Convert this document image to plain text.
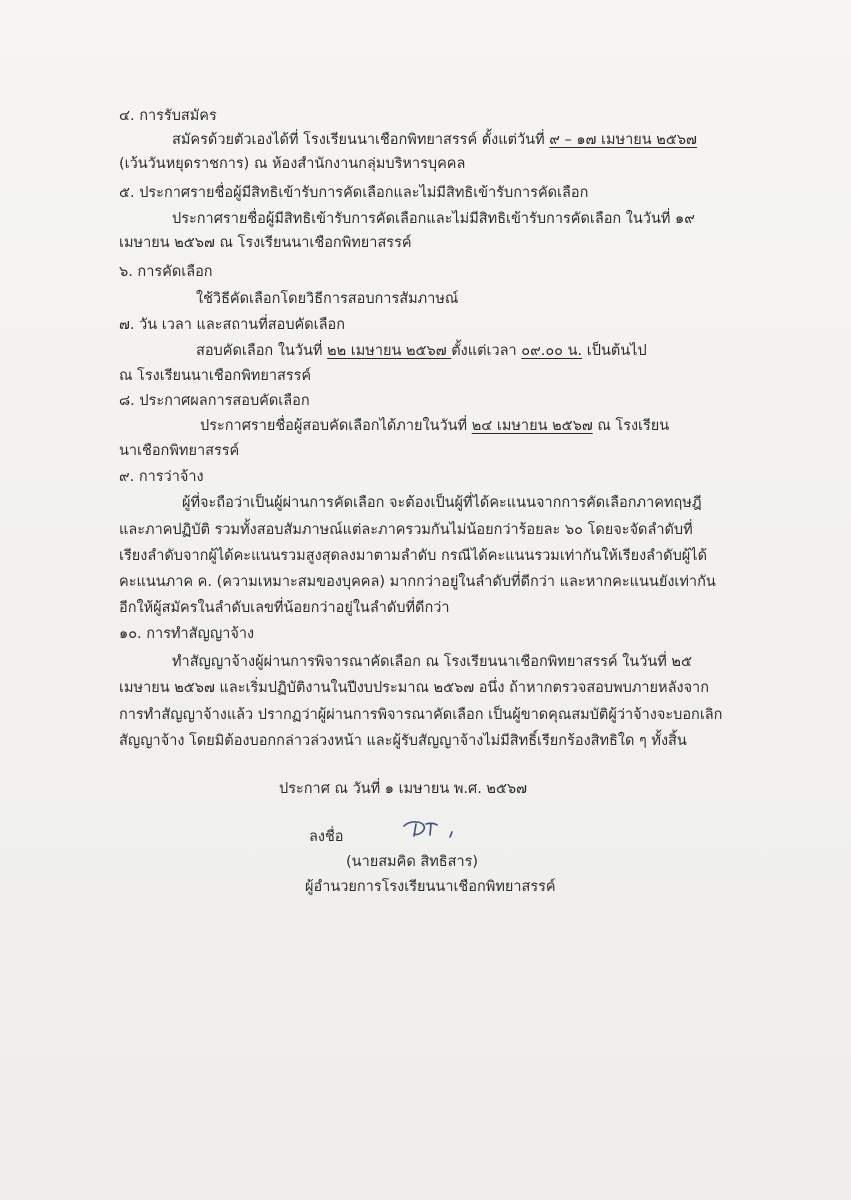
๔. การรับสมัคร
สมัครด้วยตัวเองได้ที่ โรงเรียนนาเชือกพิทยาสรรค์ ตั้งแต่วันที่ ๙ – ๑๗ เมษายน ๒๕๖๗
(เว้นวันหยุดราชการ) ณ ห้องสำนักงานกลุ่มบริหารบุคคล
๕. ประกาศรายชื่อผู้มีสิทธิเข้ารับการคัดเลือกและไม่มีสิทธิเข้ารับการคัดเลือก
ประกาศรายชื่อผู้มีสิทธิเข้ารับการคัดเลือกและไม่มีสิทธิเข้ารับการคัดเลือก ในวันที่ ๑๙
เมษายน ๒๕๖๗ ณ โรงเรียนนาเชือกพิทยาสรรค์
๖. การคัดเลือก
ใช้วิธีคัดเลือกโดยวิธีการสอบการสัมภาษณ์
๗. วัน เวลา และสถานที่สอบคัดเลือก
สอบคัดเลือก ในวันที่ ๒๒ เมษายน ๒๕๖๗ ตั้งแต่เวลา ๐๙.๐๐ น. เป็นต้นไป
ณ โรงเรียนนาเชือกพิทยาสรรค์
๘. ประกาศผลการสอบคัดเลือก
ประกาศรายชื่อผู้สอบคัดเลือกได้ภายในวันที่ ๒๔ เมษายน ๒๕๖๗ ณ โรงเรียน
นาเชือกพิทยาสรรค์
๙. การว่าจ้าง
ผู้ที่จะถือว่าเป็นผู้ผ่านการคัดเลือก จะต้องเป็นผู้ที่ได้คะแนนจากการคัดเลือกภาคทฤษฎี
และภาคปฏิบัติ รวมทั้งสอบสัมภาษณ์แต่ละภาครวมกันไม่น้อยกว่าร้อยละ ๖๐ โดยจะจัดลำดับที่
เรียงลำดับจากผู้ได้คะแนนรวมสูงสุดลงมาตามลำดับ กรณีได้คะแนนรวมเท่ากันให้เรียงลำดับผู้ได้
คะแนนภาค ค. (ความเหมาะสมของบุคคล) มากกว่าอยู่ในลำดับที่ดีกว่า และหากคะแนนยังเท่ากัน
อีกให้ผู้สมัครในลำดับเลขที่น้อยกว่าอยู่ในลำดับที่ดีกว่า
๑๐. การทำสัญญาจ้าง
ทำสัญญาจ้างผู้ผ่านการพิจารณาคัดเลือก ณ โรงเรียนนาเชือกพิทยาสรรค์ ในวันที่ ๒๕
เมษายน ๒๕๖๗ และเริ่มปฏิบัติงานในปีงบประมาณ ๒๕๖๗ อนึ่ง ถ้าหากตรวจสอบพบภายหลังจาก
การทำสัญญาจ้างแล้ว ปรากฏว่าผู้ผ่านการพิจารณาคัดเลือก เป็นผู้ขาดคุณสมบัติผู้ว่าจ้างจะบอกเลิก
สัญญาจ้าง โดยมิต้องบอกกล่าวล่วงหน้า และผู้รับสัญญาจ้างไม่มีสิทธิ์เรียกร้องสิทธิใด ๆ ทั้งสิ้น
ประกาศ ณ วันที่ ๑ เมษายน พ.ศ. ๒๕๖๗
ลงชื่อ
(นายสมคิด สิทธิสาร)
ผู้อำนวยการโรงเรียนนาเชือกพิทยาสรรค์
